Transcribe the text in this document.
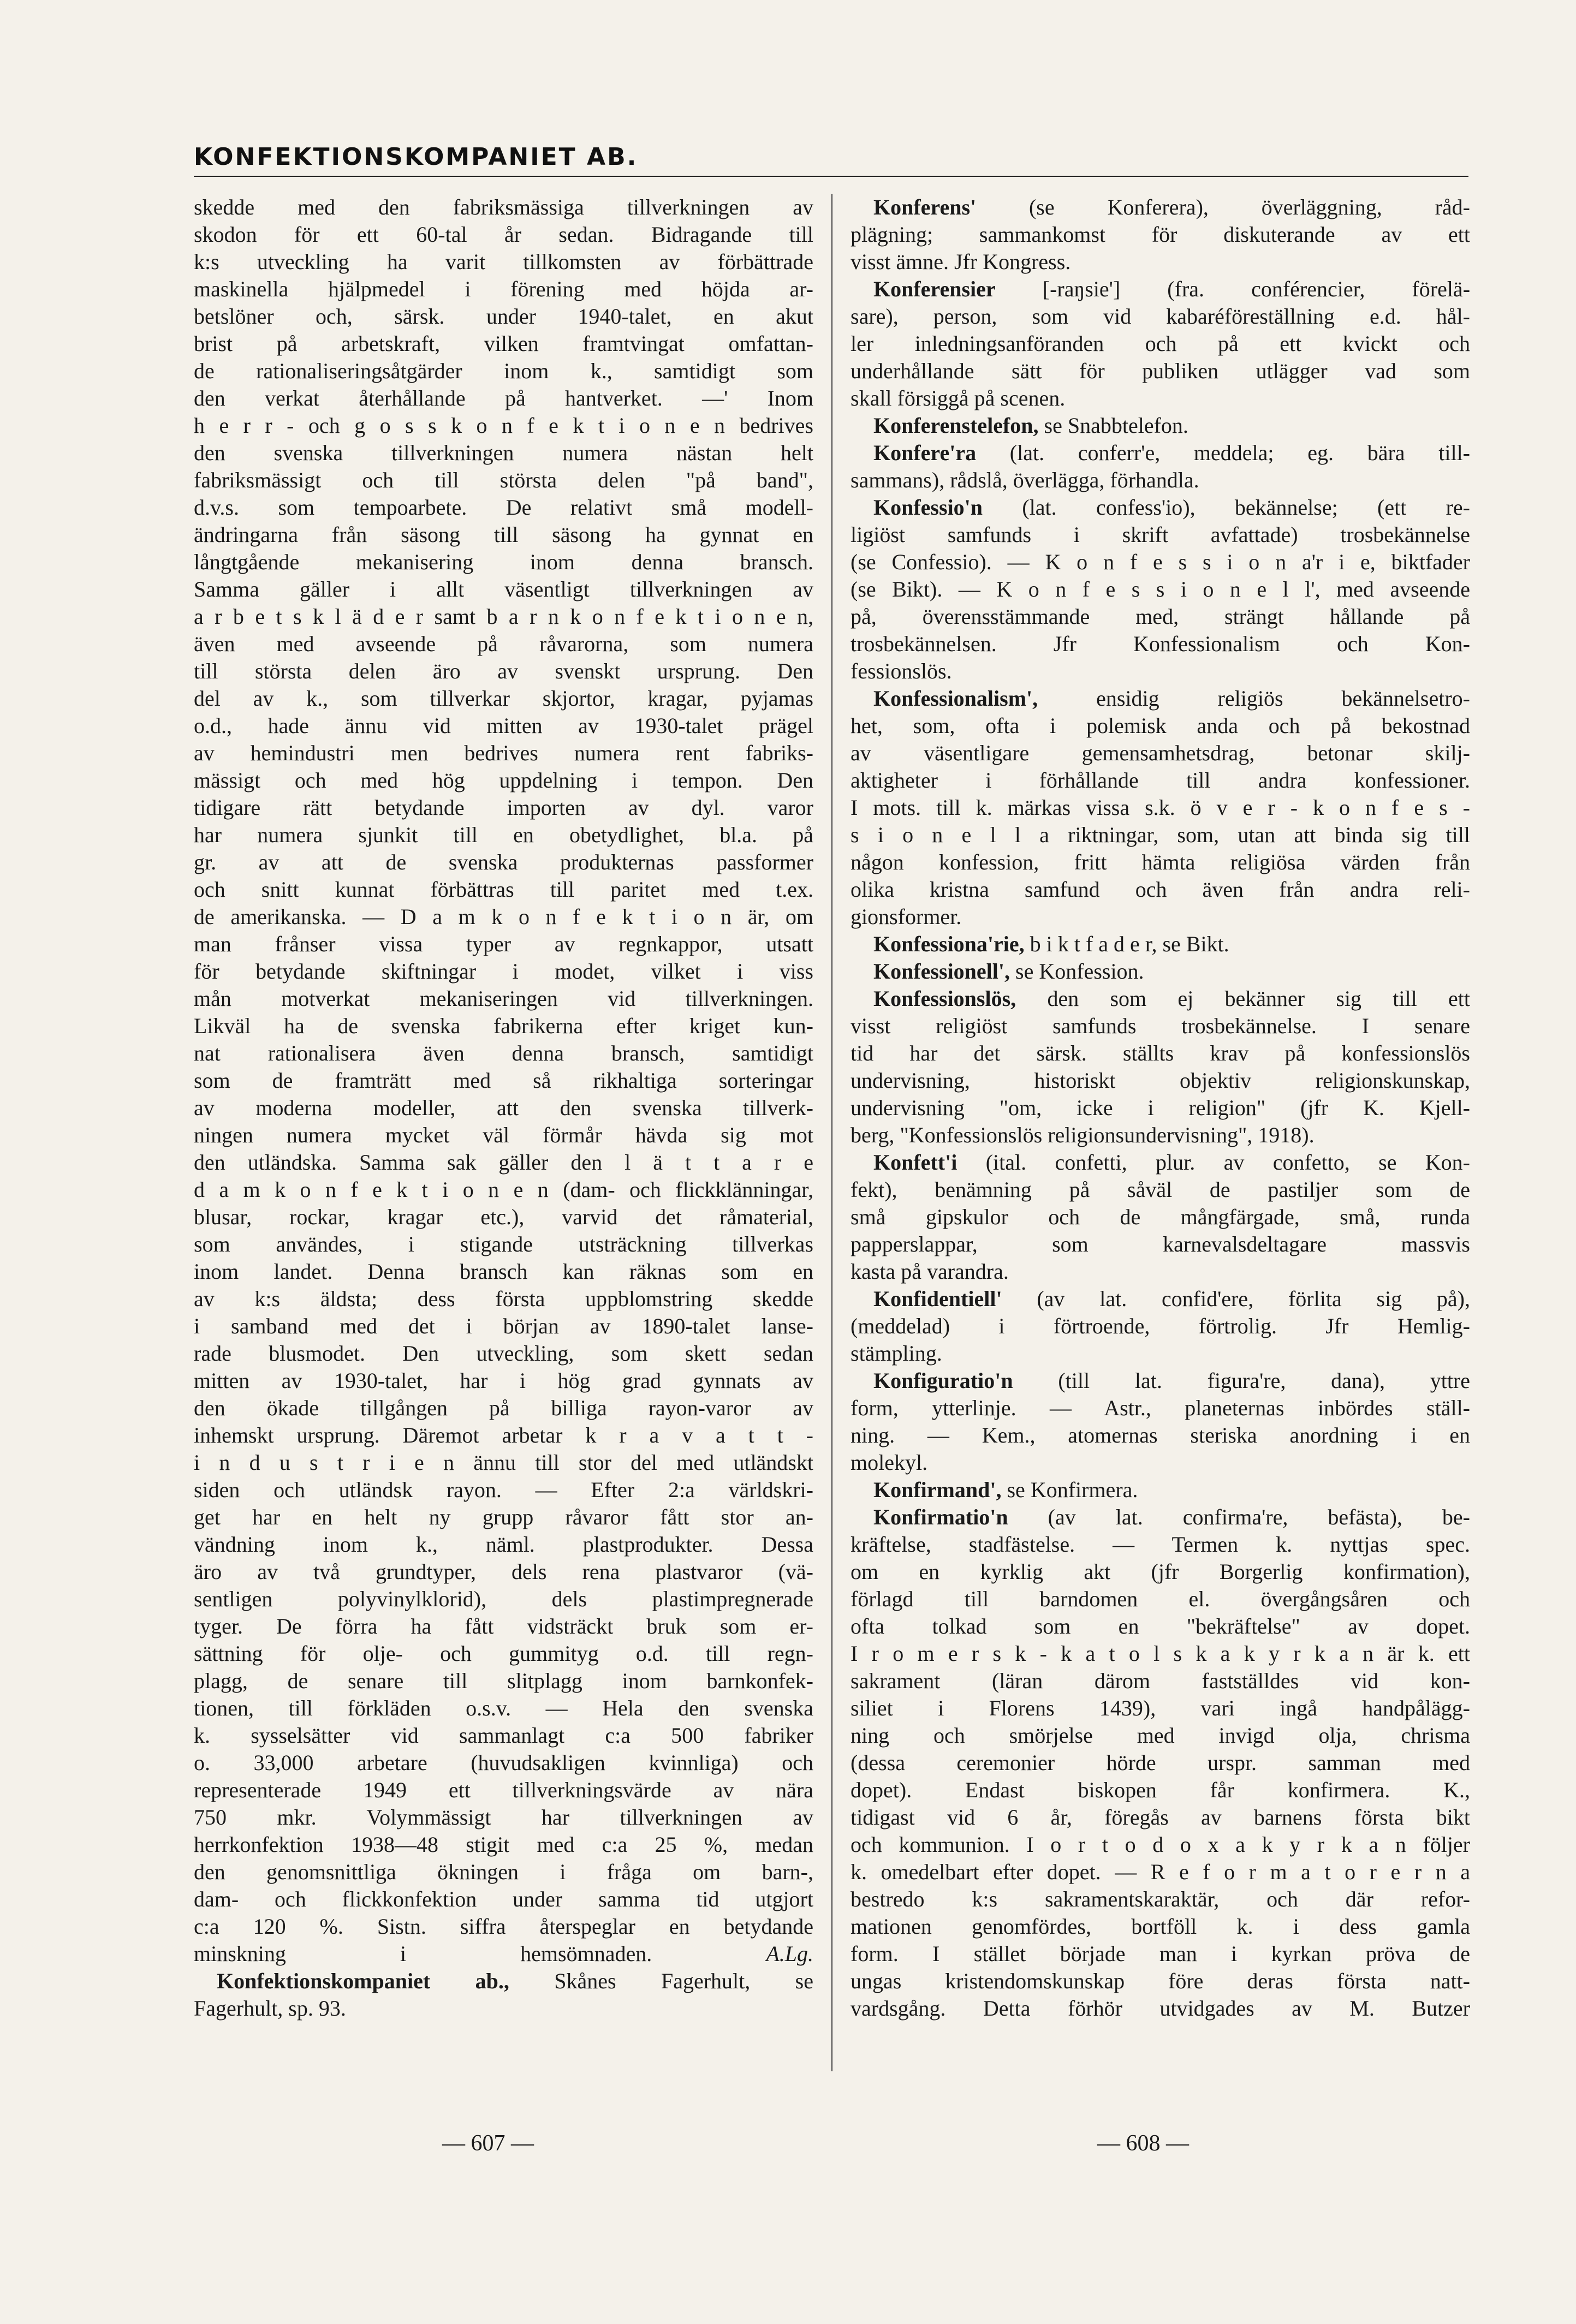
KONFEKTIONSKOMPANIET AB.
skedde med den fabriksmässiga tillverkningen av
skodon för ett 60-tal år sedan. Bidragande till
k:s utveckling ha varit tillkomsten av förbättrade
maskinella hjälpmedel i förening med höjda ar-
betslöner och, särsk. under 1940-talet, en akut
brist på arbetskraft, vilken framtvingat omfattan-
de rationaliseringsåtgärder inom k., samtidigt som
den verkat återhållande på hantverket. —' Inom
h e r r - och g o s s k o n f e k t i o n e n bedrives
den svenska tillverkningen numera nästan helt
fabriksmässigt och till största delen "på band",
d.v.s. som tempoarbete. De relativt små modell-
ändringarna från säsong till säsong ha gynnat en
långtgående mekanisering inom denna bransch.
Samma gäller i allt väsentligt tillverkningen av
a r b e t s k l ä d e r samt b a r n k o n f e k t i o n e n,
även med avseende på råvarorna, som numera
till största delen äro av svenskt ursprung. Den
del av k., som tillverkar skjortor, kragar, pyjamas
o.d., hade ännu vid mitten av 1930-talet prägel
av hemindustri men bedrives numera rent fabriks-
mässigt och med hög uppdelning i tempon. Den
tidigare rätt betydande importen av dyl. varor
har numera sjunkit till en obetydlighet, bl.a. på
gr. av att de svenska produkternas passformer
och snitt kunnat förbättras till paritet med t.ex.
de amerikanska. — D a m k o n f e k t i o n är, om
man frånser vissa typer av regnkappor, utsatt
för betydande skiftningar i modet, vilket i viss
mån motverkat mekaniseringen vid tillverkningen.
Likväl ha de svenska fabrikerna efter kriget kun-
nat rationalisera även denna bransch, samtidigt
som de framträtt med så rikhaltiga sorteringar
av moderna modeller, att den svenska tillverk-
ningen numera mycket väl förmår hävda sig mot
den utländska. Samma sak gäller den l ä t t a r e
d a m k o n f e k t i o n e n (dam- och flickklänningar,
blusar, rockar, kragar etc.), varvid det råmaterial,
som användes, i stigande utsträckning tillverkas
inom landet. Denna bransch kan räknas som en
av k:s äldsta; dess första uppblomstring skedde
i samband med det i början av 1890-talet lanse-
rade blusmodet. Den utveckling, som skett sedan
mitten av 1930-talet, har i hög grad gynnats av
den ökade tillgången på billiga rayon-varor av
inhemskt ursprung. Däremot arbetar k r a v a t t -
i n d u s t r i e n ännu till stor del med utländskt
siden och utländsk rayon. — Efter 2:a världskri-
get har en helt ny grupp råvaror fått stor an-
vändning inom k., näml. plastprodukter. Dessa
äro av två grundtyper, dels rena plastvaror (vä-
sentligen polyvinylklorid), dels plastimpregnerade
tyger. De förra ha fått vidsträckt bruk som er-
sättning för olje- och gummityg o.d. till regn-
plagg, de senare till slitplagg inom barnkonfek-
tionen, till förkläden o.s.v. — Hela den svenska
k. sysselsätter vid sammanlagt c:a 500 fabriker
o. 33,000 arbetare (huvudsakligen kvinnliga) och
representerade 1949 ett tillverkningsvärde av nära
750 mkr. Volymmässigt har tillverkningen av
herrkonfektion 1938—48 stigit med c:a 25 %, medan
den genomsnittliga ökningen i fråga om barn-,
dam- och flickkonfektion under samma tid utgjort
c:a 120 %. Sistn. siffra återspeglar en betydande
minskning i hemsömnaden.	A.Lg.
Konfektionskompaniet ab., Skånes Fagerhult, se
Fagerhult, sp. 93.
Konferens' (se Konferera), överläggning, råd-
plägning; sammankomst för diskuterande av ett
visst ämne. Jfr Kongress.
Konferensier [-raŋsie'] (fra. conférencier, förelä-
sare), person, som vid kabaréföreställning e.d. hål-
ler inledningsanföranden och på ett kvickt och
underhållande sätt för publiken utlägger vad som
skall försiggå på scenen.
Konferenstelefon, se Snabbtelefon.
Konfere'ra (lat. conferr'e, meddela; eg. bära till-
sammans), rådslå, överlägga, förhandla.
Konfessio'n (lat. confess'io), bekännelse; (ett re-
ligiöst samfunds i skrift avfattade) trosbekännelse
(se Confessio). — K o n f e s s i o n a'r i e, biktfader
(se Bikt). — K o n f e s s i o n e l l', med avseende
på, överensstämmande med, strängt hållande på
trosbekännelsen. Jfr Konfessionalism och Kon-
fessionslös.
Konfessionalism',	ensidig religiös bekännelsetro-
het, som, ofta i polemisk anda och på bekostnad
av väsentligare gemensamhetsdrag, betonar skilj-
aktigheter i förhållande till andra konfessioner.
I mots. till k. märkas vissa s.k. ö v e r - k o n f e s -
s i o n e l l a riktningar, som, utan att binda sig till
någon konfession, fritt hämta religiösa värden från
olika kristna samfund och även från andra reli-
gionsformer.
Konfessiona'rie, b i k t f a d e r, se Bikt.
Konfessionell', se Konfession.
Konfessionslös, den som ej bekänner sig till ett
visst religiöst samfunds trosbekännelse. I senare
tid har det särsk. ställts krav på konfessionslös
undervisning, historiskt objektiv religionskunskap,
undervisning "om, icke i religion" (jfr K. Kjell-
berg, "Konfessionslös religionsundervisning", 1918).
Konfett'i (ital. confetti, plur. av confetto, se Kon-
fekt), benämning på såväl de pastiljer som de
små gipskulor och de mångfärgade, små, runda
papperslappar, som karnevalsdeltagare massvis
kasta på varandra.
Konfidentiell' (av lat. confid'ere, förlita sig på),
(meddelad) i förtroende, förtrolig. Jfr Hemlig-
stämpling.
Konfiguratio'n (till lat. figura're, dana), yttre
form, ytterlinje. — Astr., planeternas inbördes ställ-
ning. — Kem., atomernas steriska anordning i en
molekyl.
Konfirmand', se Konfirmera.
Konfirmatio'n (av lat. confirma're, befästa), be-
kräftelse, stadfästelse. — Termen k. nyttjas spec.
om en kyrklig akt (jfr Borgerlig konfirmation),
förlagd till barndomen el. övergångsåren och
ofta tolkad som en "bekräftelse" av dopet.
I r o m e r s k - k a t o l s k a k y r k a n är k. ett
sakrament (läran därom fastställdes vid kon-
siliet i Florens 1439), vari ingå handpålägg-
ning och smörjelse med invigd olja, chrisma
(dessa ceremonier hörde urspr. samman med
dopet). Endast biskopen får konfirmera. K.,
tidigast vid 6 år, föregås av barnens första bikt
och kommunion. I o r t o d o x a k y r k a n följer
k. omedelbart efter dopet. — R e f o r m a t o r e r n a
bestredo k:s sakramentskaraktär, och där refor-
mationen genomfördes, bortföll k. i dess gamla
form. I stället började man i kyrkan pröva de
ungas kristendomskunskap före deras första natt-
vardsgång. Detta förhör utvidgades av M. Butzer
— 607 —	— 608 —
